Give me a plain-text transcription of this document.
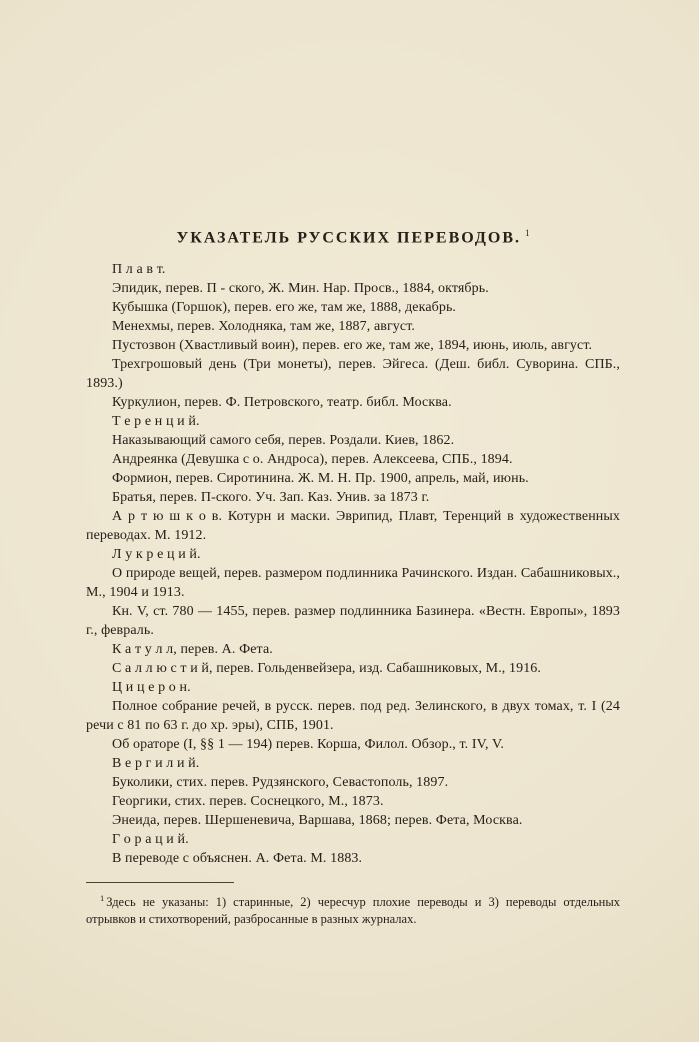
УКАЗАТЕЛЬ РУССКИХ ПЕРЕВОДОВ. $^1$

П л а в т.

Эпидик, перев. П - ского, Ж. Мин. Нар. Просв., 1884, октябрь.

Кубышка (Горшок), перев. его же, там же, 1888, декабрь.

Менехмы, перев. Холодняка, там же, 1887, август.

Пустозвон (Хвастливый воин), перев. его же, там же, 1894, июнь, июль, август.

Трехгрошовый день (Три монеты), перев. Эйгеса. (Деш. библ. Суворина. СПБ., 1893.)

Куркулион, перев. Ф. Петровского, театр. библ. Москва.

Т е р е н ц и й.

Наказывающий самого себя, перев. Роздали. Киев, 1862.

Андреянка (Девушка с о. Андроса), перев. Алексеева, СПБ., 1894.

Формион, перев. Сиротинина. Ж. М. Н. Пр. 1900, апрель, май, июнь.

Братья, перев. П-ского. Уч. Зап. Каз. Унив. за 1873 г.

А р т ю ш к о в. Котурн и маски. Эврипид, Плавт, Теренций в художественных переводах. М. 1912.

Л у к р е ц и й.

О природе вещей, перев. размером подлинника Рачинского. Издан. Сабашниковых., М., 1904 и 1913.

Кн. V, ст. 780 — 1455, перев. размер подлинника Базинера. «Вестн. Европы», 1893 г., февраль.

К а т у л л, перев. А. Фета.

С а л л ю с т и й, перев. Гольденвейзера, изд. Сабашниковых, М., 1916.

Ц и ц е р о н.

Полное собрание речей, в русск. перев. под ред. Зелинского, в двух томах, т. I (24 речи с 81 по 63 г. до хр. эры), СПБ, 1901.

Об ораторе (I, §§ 1 — 194) перев. Корша, Филол. Обзор., т. IV, V.

В е р г и л и й.

Буколики, стих. перев. Рудзянского, Севастополь, 1897.

Георгики, стих. перев. Соснецкого, М., 1873.

Энеида, перев. Шершеневича, Варшава, 1868; перев. Фета, Москва.

Г о р а ц и й.

В переводе с объяснен. А. Фета. М. 1883.

$^1$ Здесь не указаны: 1) старинные, 2) чересчур плохие переводы и 3) переводы отдельных отрывков и стихотворений, разбросанные в разных журналах.
